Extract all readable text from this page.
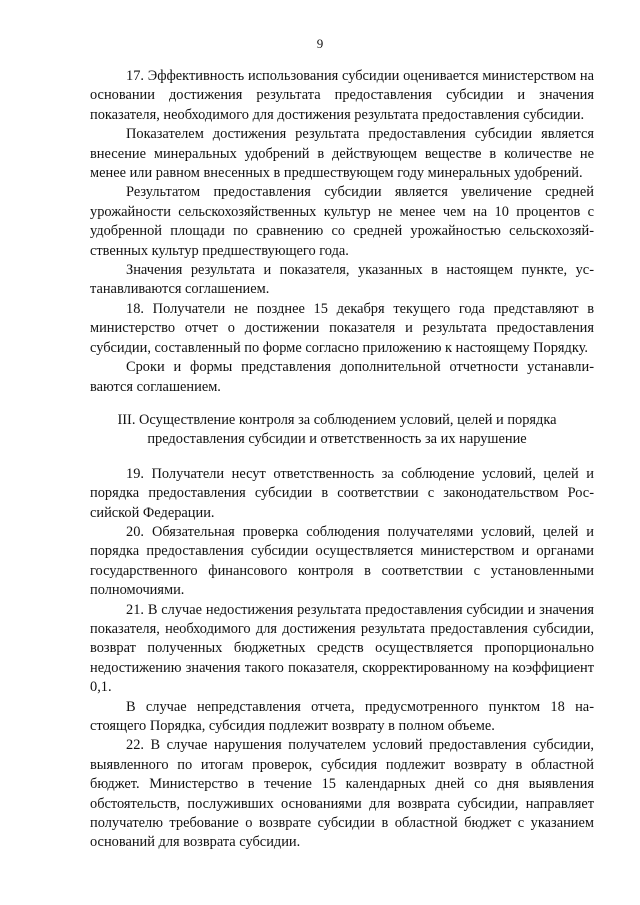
9

17. Эффективность использования субсидии оценивается министерством на основании достижения результата предоставления субсидии и значения показателя, необходимого для достижения результата предоставления субсидии.

Показателем достижения результата предоставления субсидии является внесение минеральных удобрений в действующем веществе в количестве не менее или равном внесенных в предшествующем году минеральных удобрений.

Результатом предоставления субсидии является увеличение средней урожайности сельскохозяйственных культур не менее чем на 10 процентов с удобренной площади по сравнению со средней урожайностью сельскохозяйственных культур предшествующего года.

Значения результата и показателя, указанных в настоящем пункте, устанавливаются соглашением.

18. Получатели не позднее 15 декабря текущего года представляют в министерство отчет о достижении показателя и результата предоставления субсидии, составленный по форме согласно приложению к настоящему Порядку.

Сроки и формы представления дополнительной отчетности устанавливаются соглашением.

III. Осуществление контроля за соблюдением условий, целей и порядка предоставления субсидии и ответственность за их нарушение

19. Получатели несут ответственность за соблюдение условий, целей и порядка предоставления субсидии в соответствии с законодательством Российской Федерации.

20. Обязательная проверка соблюдения получателями условий, целей и порядка предоставления субсидии осуществляется министерством и органами государственного финансового контроля в соответствии с установленными полномочиями.

21. В случае недостижения результата предоставления субсидии и значения показателя, необходимого для достижения результата предоставления субсидии, возврат полученных бюджетных средств осуществляется пропорционально недостижению значения такого показателя, скорректированному на коэффициент 0,1.

В случае непредставления отчета, предусмотренного пунктом 18 настоящего Порядка, субсидия подлежит возврату в полном объеме.

22. В случае нарушения получателем условий предоставления субсидии, выявленного по итогам проверок, субсидия подлежит возврату в областной бюджет. Министерство в течение 15 календарных дней со дня выявления обстоятельств, послуживших основаниями для возврата субсидии, направляет получателю требование о возврате субсидии в областной бюджет с указанием оснований для возврата субсидии.
